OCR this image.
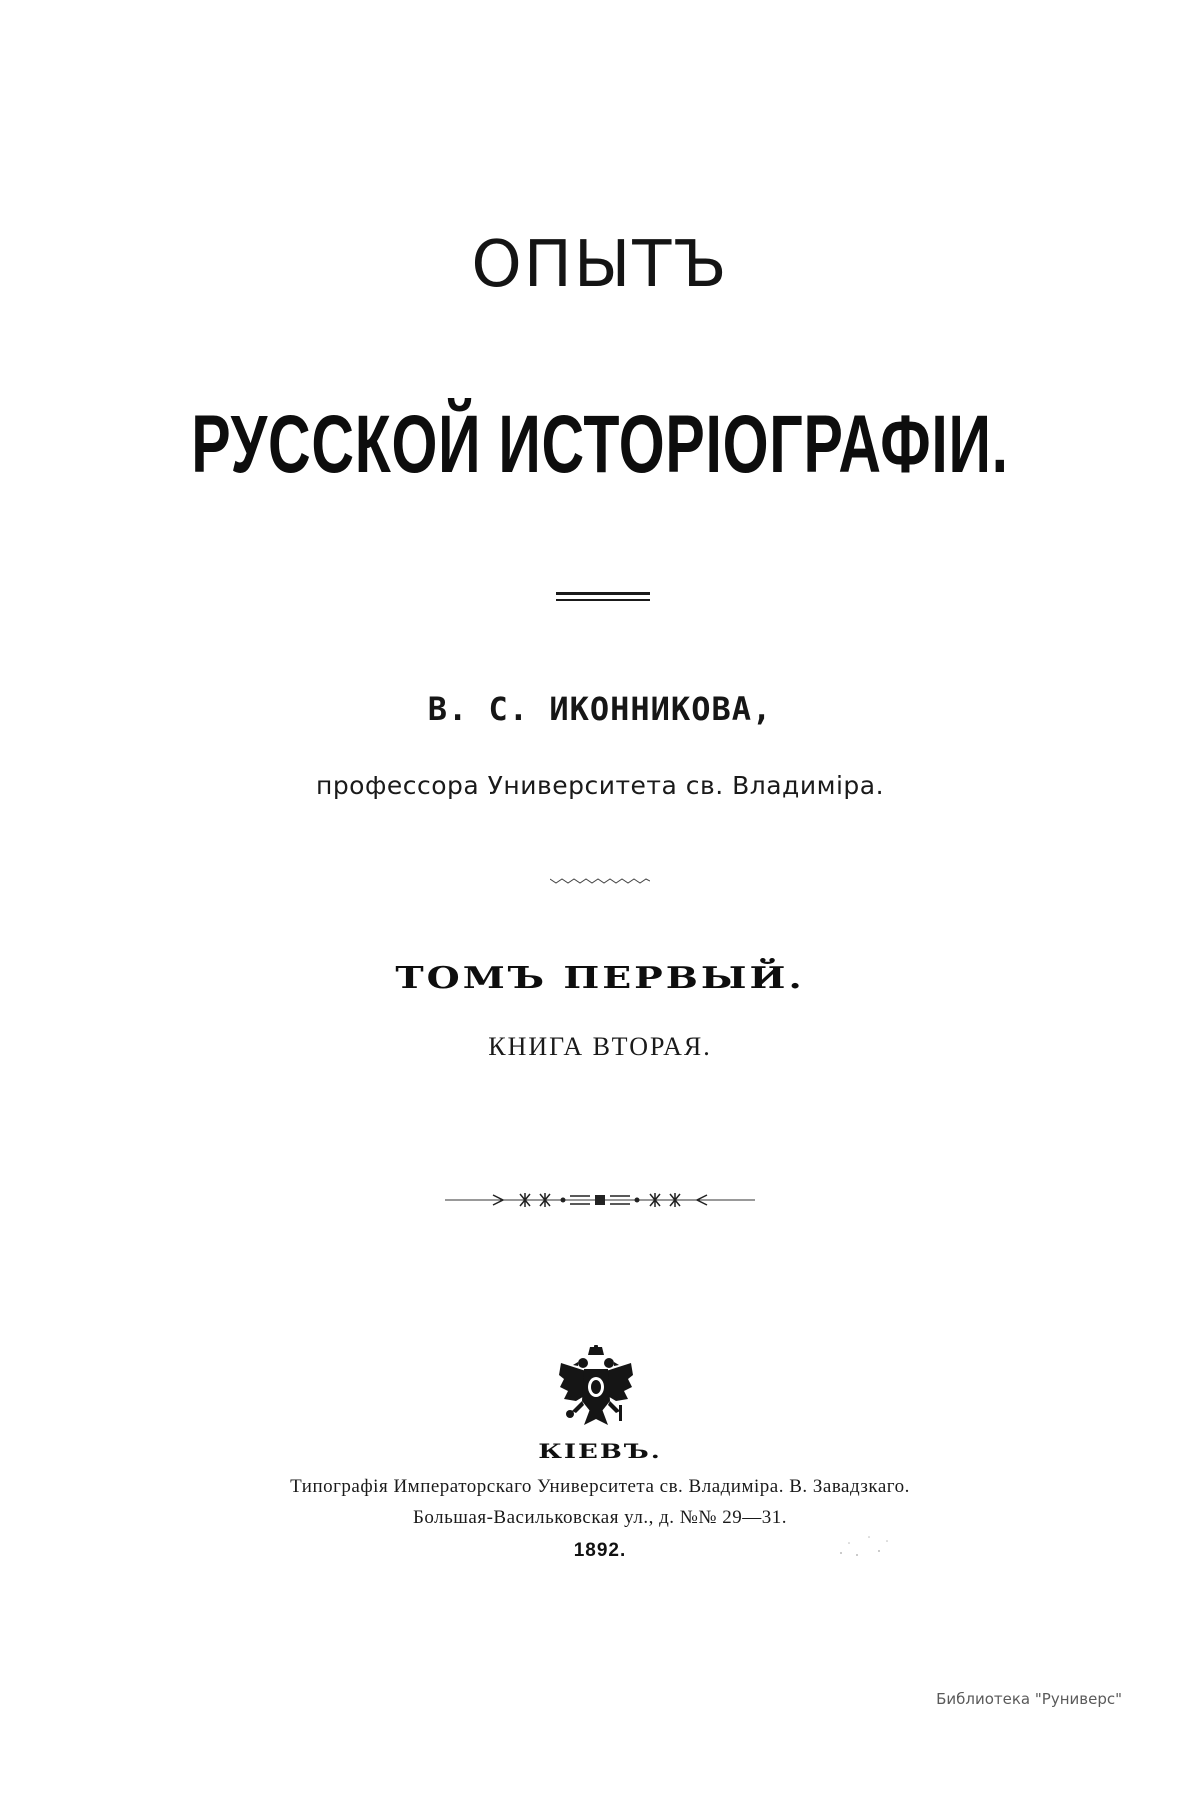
ОПЫТЪ
РУССКОЙ ИСТОРІОГРАФІИ.
В. С. ИКОННИКОВА,
профессора Университета св. Владиміра.
ТОМЪ ПЕРВЫЙ.
КНИГА ВТОРАЯ.
КІЕВЪ.
Типографія Императорскаго Университета св. Владиміра. В. Завадзкаго.
Большая-Васильковская ул., д. №№ 29—31.
1892.
Библиотека "Руниверс"
